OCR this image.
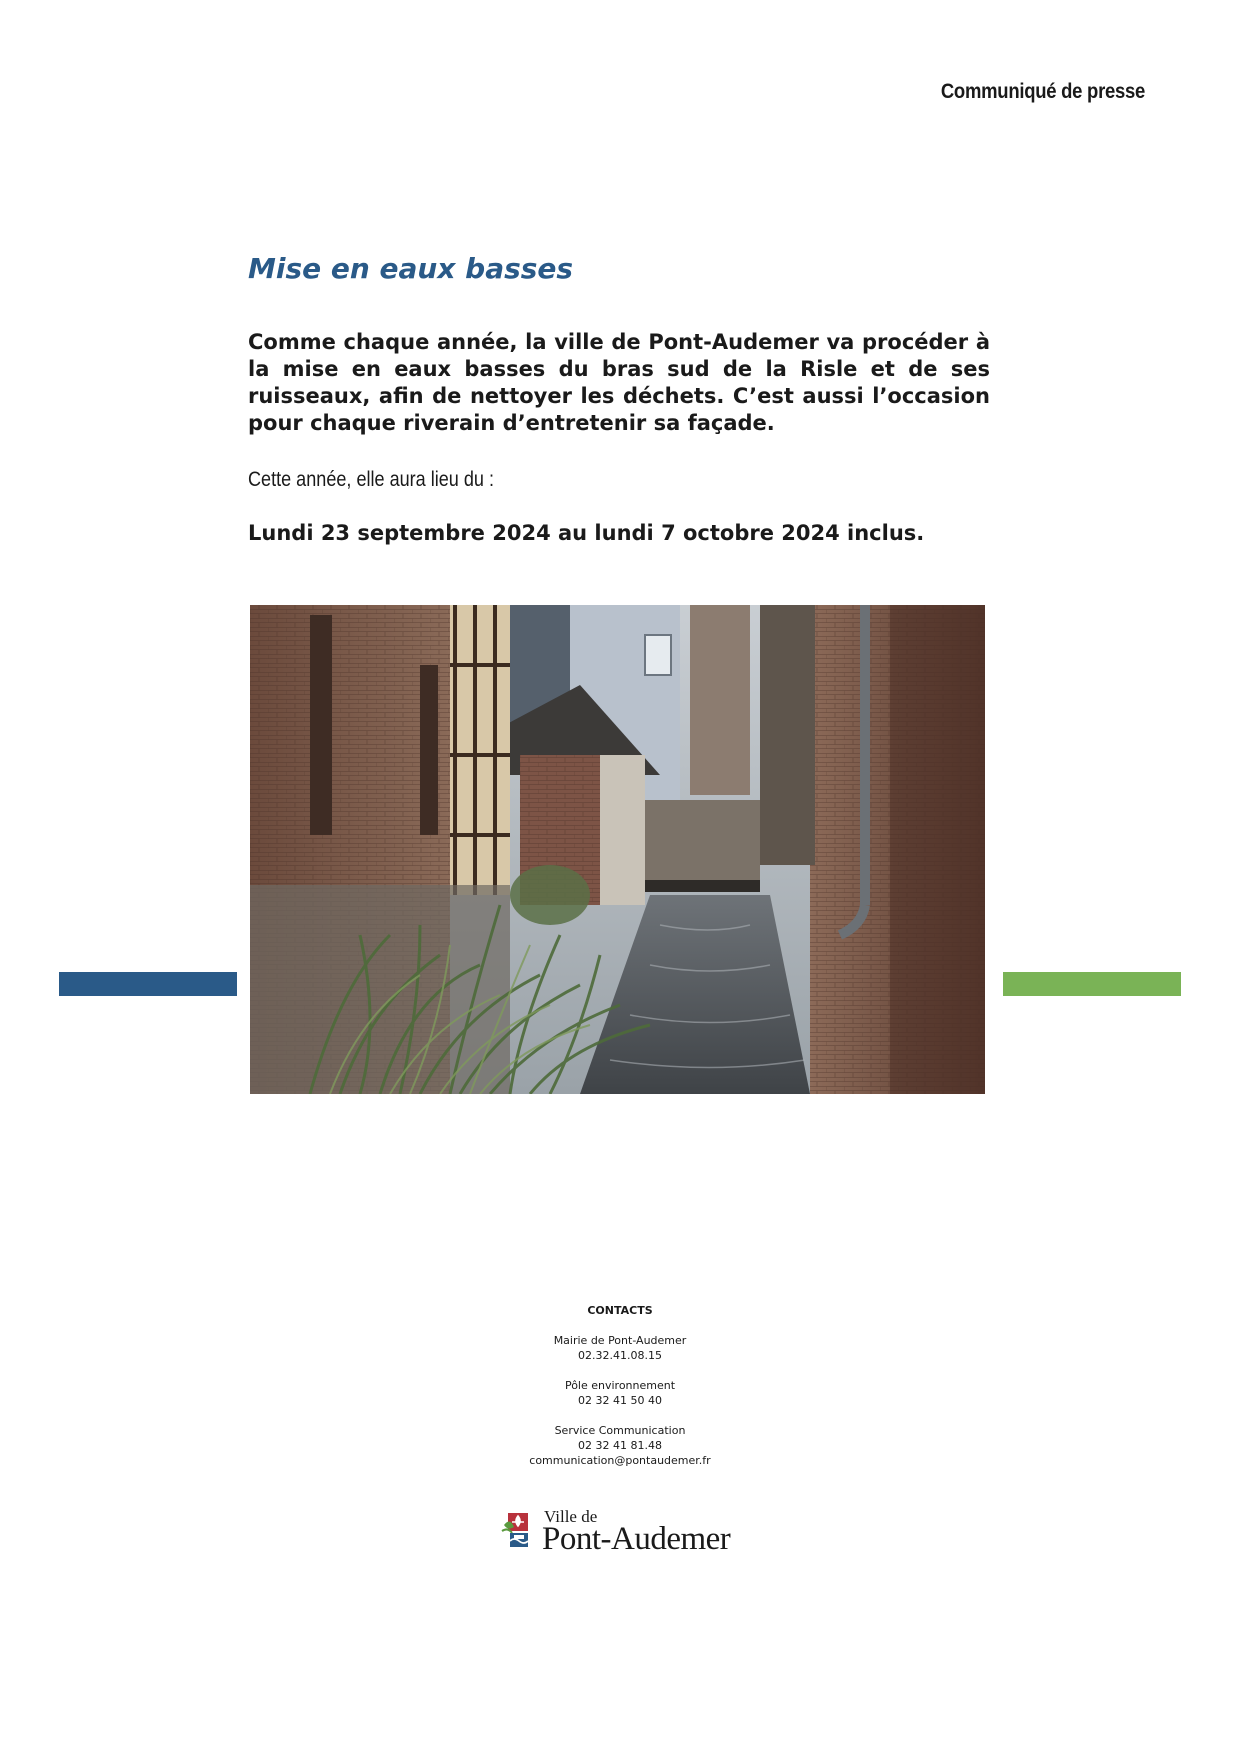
Communiqué de presse
Mise en eaux basses

Comme chaque année, la ville de Pont-Audemer va procéder à la mise en eaux basses du bras sud de la Risle et de ses ruisseaux, afin de nettoyer les déchets. C’est aussi l’occasion pour chaque riverain d’entretenir sa façade.

Cette année, elle aura lieu du :

Lundi 23 septembre 2024 au lundi 7 octobre 2024 inclus.

CONTACTS
Mairie de Pont-Audemer
02.32.41.08.15
Pôle environnement
02 32 41 50 40
Service Communication
02 32 41 81.48
communication@pontaudemer.fr
Ville de
Pont-Audemer
